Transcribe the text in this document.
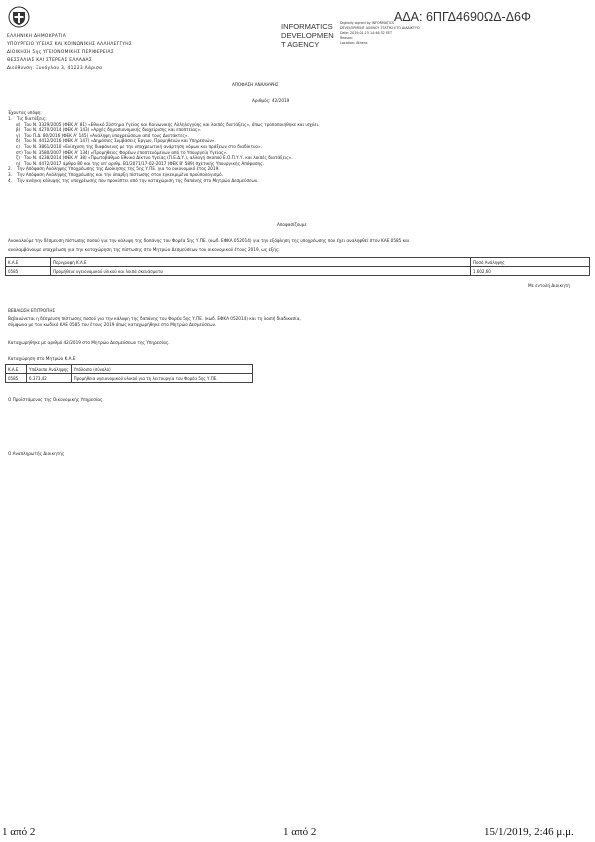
ΕΛΛΗΝΙΚΗ ΔΗΜΟΚΡΑΤΙΑ
ΥΠΟΥΡΓΕΙΟ ΥΓΕΙΑΣ ΚΑΙ ΚΟΙΝΩΝΙΚΗΣ ΑΛΛΗΛΕΓΓΥΗΣ
ΔΙΟΙΚΗΣΗ 5ης ΥΓΕΙΟΝΟΜΙΚΗΣ ΠΕΡΙΦΕΡΕΙΑΣ
ΘΕΣΣΑΛΙΑΣ ΚΑΙ ΣΤΕΡΕΑΣ ΕΛΛΑΔΑΣ
Διεύθυνση: Ξυνόγλαυ 3, 41223 Λάρισα
INFORMATICS
DEVELOPMEN
T AGENCY
Digitally signed by INFORMATICS
DEVELOPMENT AGENCY ΣΤΑΤΗΣ ΕΤΟ ΔΙΑΔΙΚΤΥΟ
Date: 2019.01.15 14:46:32 EET
Reason:
Location: Athens
ΑΔΑ: 6ΠΓΔ4690ΩΔ-Δ6Φ
ΑΠΟΦΑΣΗ ΑΝΑΛΗΨΗΣ
Αριθμός: 42/2019
Έχοντας υπόψη:
1. Τις διατάξεις:
α) Του Ν. 3329/2005 (ΦΕΚ Α' 81) «Εθνικό Σύστημα Υγείας και Κοινωνικής Αλληλεγγύης και λοιπές διατάξεις», όπως τροποποιήθηκε και ισχύει.
β) Του Ν. 4270/2014 (ΦΕΚ Α' 143) «Αρχές δημοσιονομικής διαχείρισης και εποπτείας».
γ) Του Π.Δ. 80/2016 (ΦΕΚ Α' 145) «Ανάληψη υποχρεώσεων από τους Διατάκτες».
δ) Του Ν. 4412/2016 (ΦΕΚ Α' 147) «Δημόσιες Συμβάσεις Έργων, Προμηθειών και Υπηρεσιών».
ε) Του Ν. 3861/2010 «Ενίσχυση της διαφάνειας με την υποχρεωτική ανάρτηση νόμων και πράξεων στο διαδίκτυο».
στ) Του Ν. 3580/2007 (ΦΕΚ Α' 134) «Προμήθειες Φορέων εποπτευόμενων από το Υπουργείο Υγείας».
ζ) Του Ν. 4238/2014 (ΦΕΚ Α' 38) «Πρωτοβάθμιο Εθνικό Δίκτυο Υγείας (Π.Ε.Δ.Υ.), αλλαγή σκοπού Ε.Ο.Π.Υ.Υ. και λοιπές διατάξεις».
η) Του Ν. 4472/2017 άρθρο 80 και της υπ' αριθμ. Β1/2071/17-02-2017 (ΦΕΚ Β' 589) σχετικής Υπουργικής Απόφασης.
2. Την Απόφαση Ανάληψης Υποχρέωσης της Διοίκησης της 5ης Υ.ΠΕ. για το οικονομικό έτος 2019.
3. Την Απόφαση Ανάληψης Υποχρέωσης και την ύπαρξη πίστωσης στον εγκεκριμένο προϋπολογισμό.
4. Την ανάγκη κάλυψης της υποχρέωσης που προκύπτει από την καταχώριση της δαπάνης στο Μητρώο Δεσμεύσεων.
Αποφασίζουμε
Ανακαλούμε την δέσμευση πίστωσης ποσού για την κάλυψη της δαπάνης του Φορέα 5ης Υ.ΠΕ. (κωδ. ΕΦΚΑ 052014) για την εξόφληση της υποχρέωσης που έχει αναληφθεί στον ΚΑΕ 0585 και
αναλαμβάνουμε υποχρέωση για την καταχώρηση της πίστωσης στο Μητρώο Δεσμεύσεων του οικονομικού έτους 2019, ως εξής:
Κ.Α.Ε	Περιγραφή Κ.Α.Ε	Ποσό Ανάληψης
0585	Προμήθεια υγειονομικού υλικού και λοιπά σκευάσματα	1.602,60
Με εντολή Διοικητή
ΒΕΒΑΙΩΣΗ ΕΠΙΤΡΟΠΗΣ
Βεβαιώνεται η δέσμευση πίστωσης ποσού για την κάλυψη της δαπάνης του Φορέα 5ης Υ.ΠΕ. (κωδ. ΕΦΚΑ 052014) και τη λοιπή διαδικασία,
σύμφωνα με τον κωδικό ΚΑΕ 0585 του έτους 2019 όπως καταχωρήθηκε στο Μητρώο Δεσμεύσεων.
Καταχωρήθηκε με αριθμό 42/2019 στο Μητρώο Δεσμεύσεων της Υπηρεσίας.
Καταχώρηση στο Μητρώο Κ.Α.Ε
Κ.Α.Ε	Υπόλοιπο Ανάληψης	Υπόλοιπο (σύνολο)
0585	6.373,42	Προμήθεια υγειονομικού υλικού για τη λειτουργία του Φορέα 5ης Υ.ΠΕ.
Ο Προϊστάμενος της Οικονομικής Υπηρεσίας
Ο Αναπληρωτής Διοικητής
1 από 2	1 από 2	15/1/2019, 2:46 μ.μ.
